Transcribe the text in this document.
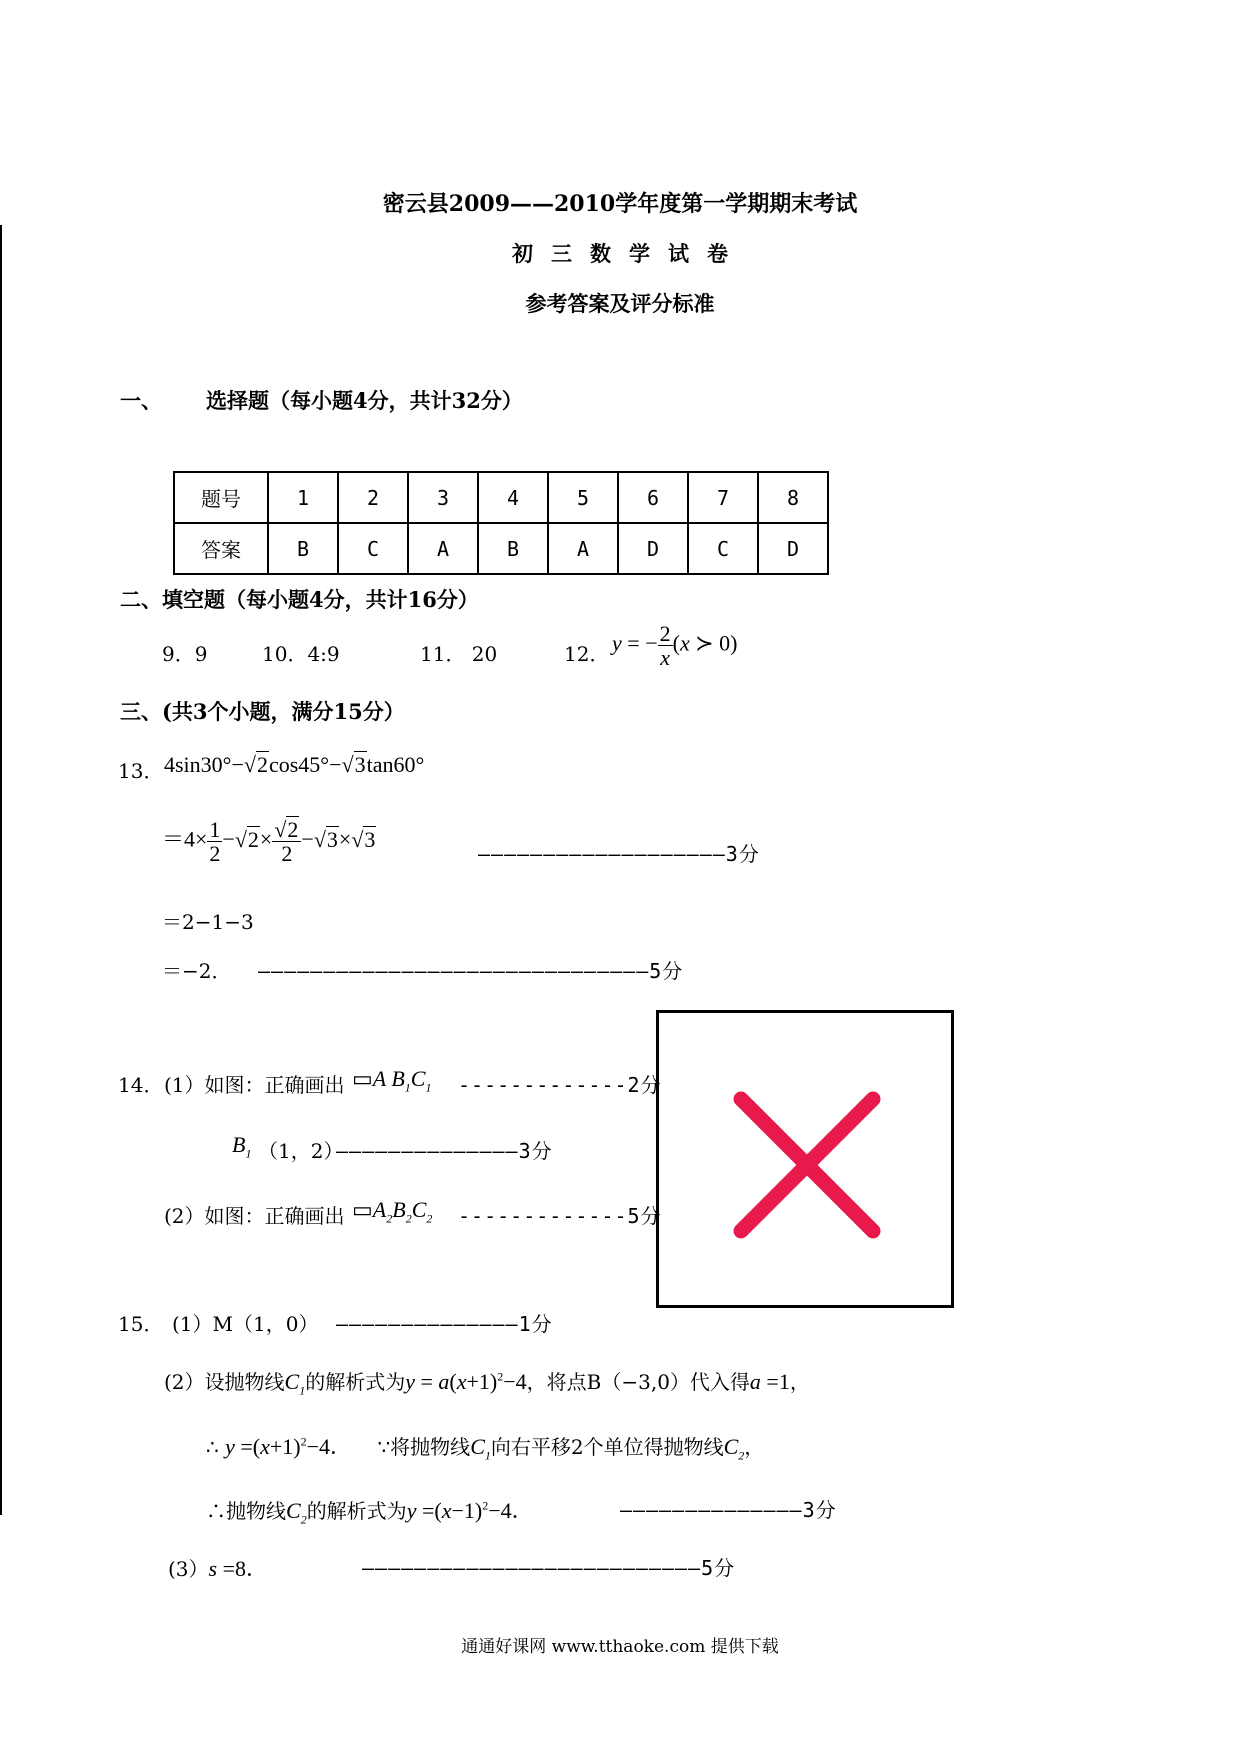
密云县2009——2010学年度第一学期期末考试
初三数学试卷
参考答案及评分标准
一、 选择题（每小题4分，共计32分）
题号	1	2	3	4	5	6	7	8
答案	B	C	A	B	A	D	C	D
二、填空题（每小题4分，共计16分）
9．9	10．4:9	11． 20	12． y = − $\frac{2}{x} (x$ ≻ 0)
三、(共3个小题，满分15分）
13． 4sin30°−√2cos45°−√3tan60°
$=4\times \frac{1}{2} -√2\times \frac{√2}{2} -√3\times√3$
———————————————————3分
＝2−1−3
＝−2． ——————————————————————————————5分
14． (1）如图：正确画出 ▭A $B_1C_1$ -------------2分
$B_1$ （1，2）
——————————————3分
(2）如图：正确画出 $▭A_2B_2C_2$ -------------5分
15． (1）M（1，0） ——————————————1分
(2）设抛物线$C_1$的解析式为$y = a(x+1)^2-4$，将点B（−3,0）代入得a =1，
∴ $y =(x+1)^2-4$． ∵将抛物线$C_1$向右平移2个单位得抛物线$C_2$，
∴抛物线$C_2$的解析式为$y =(x-1)^2-4$．	——————————————3分
(3）s =8．	——————————————————————————5分
通通好课网 www.tthaoke.com 提供下载
